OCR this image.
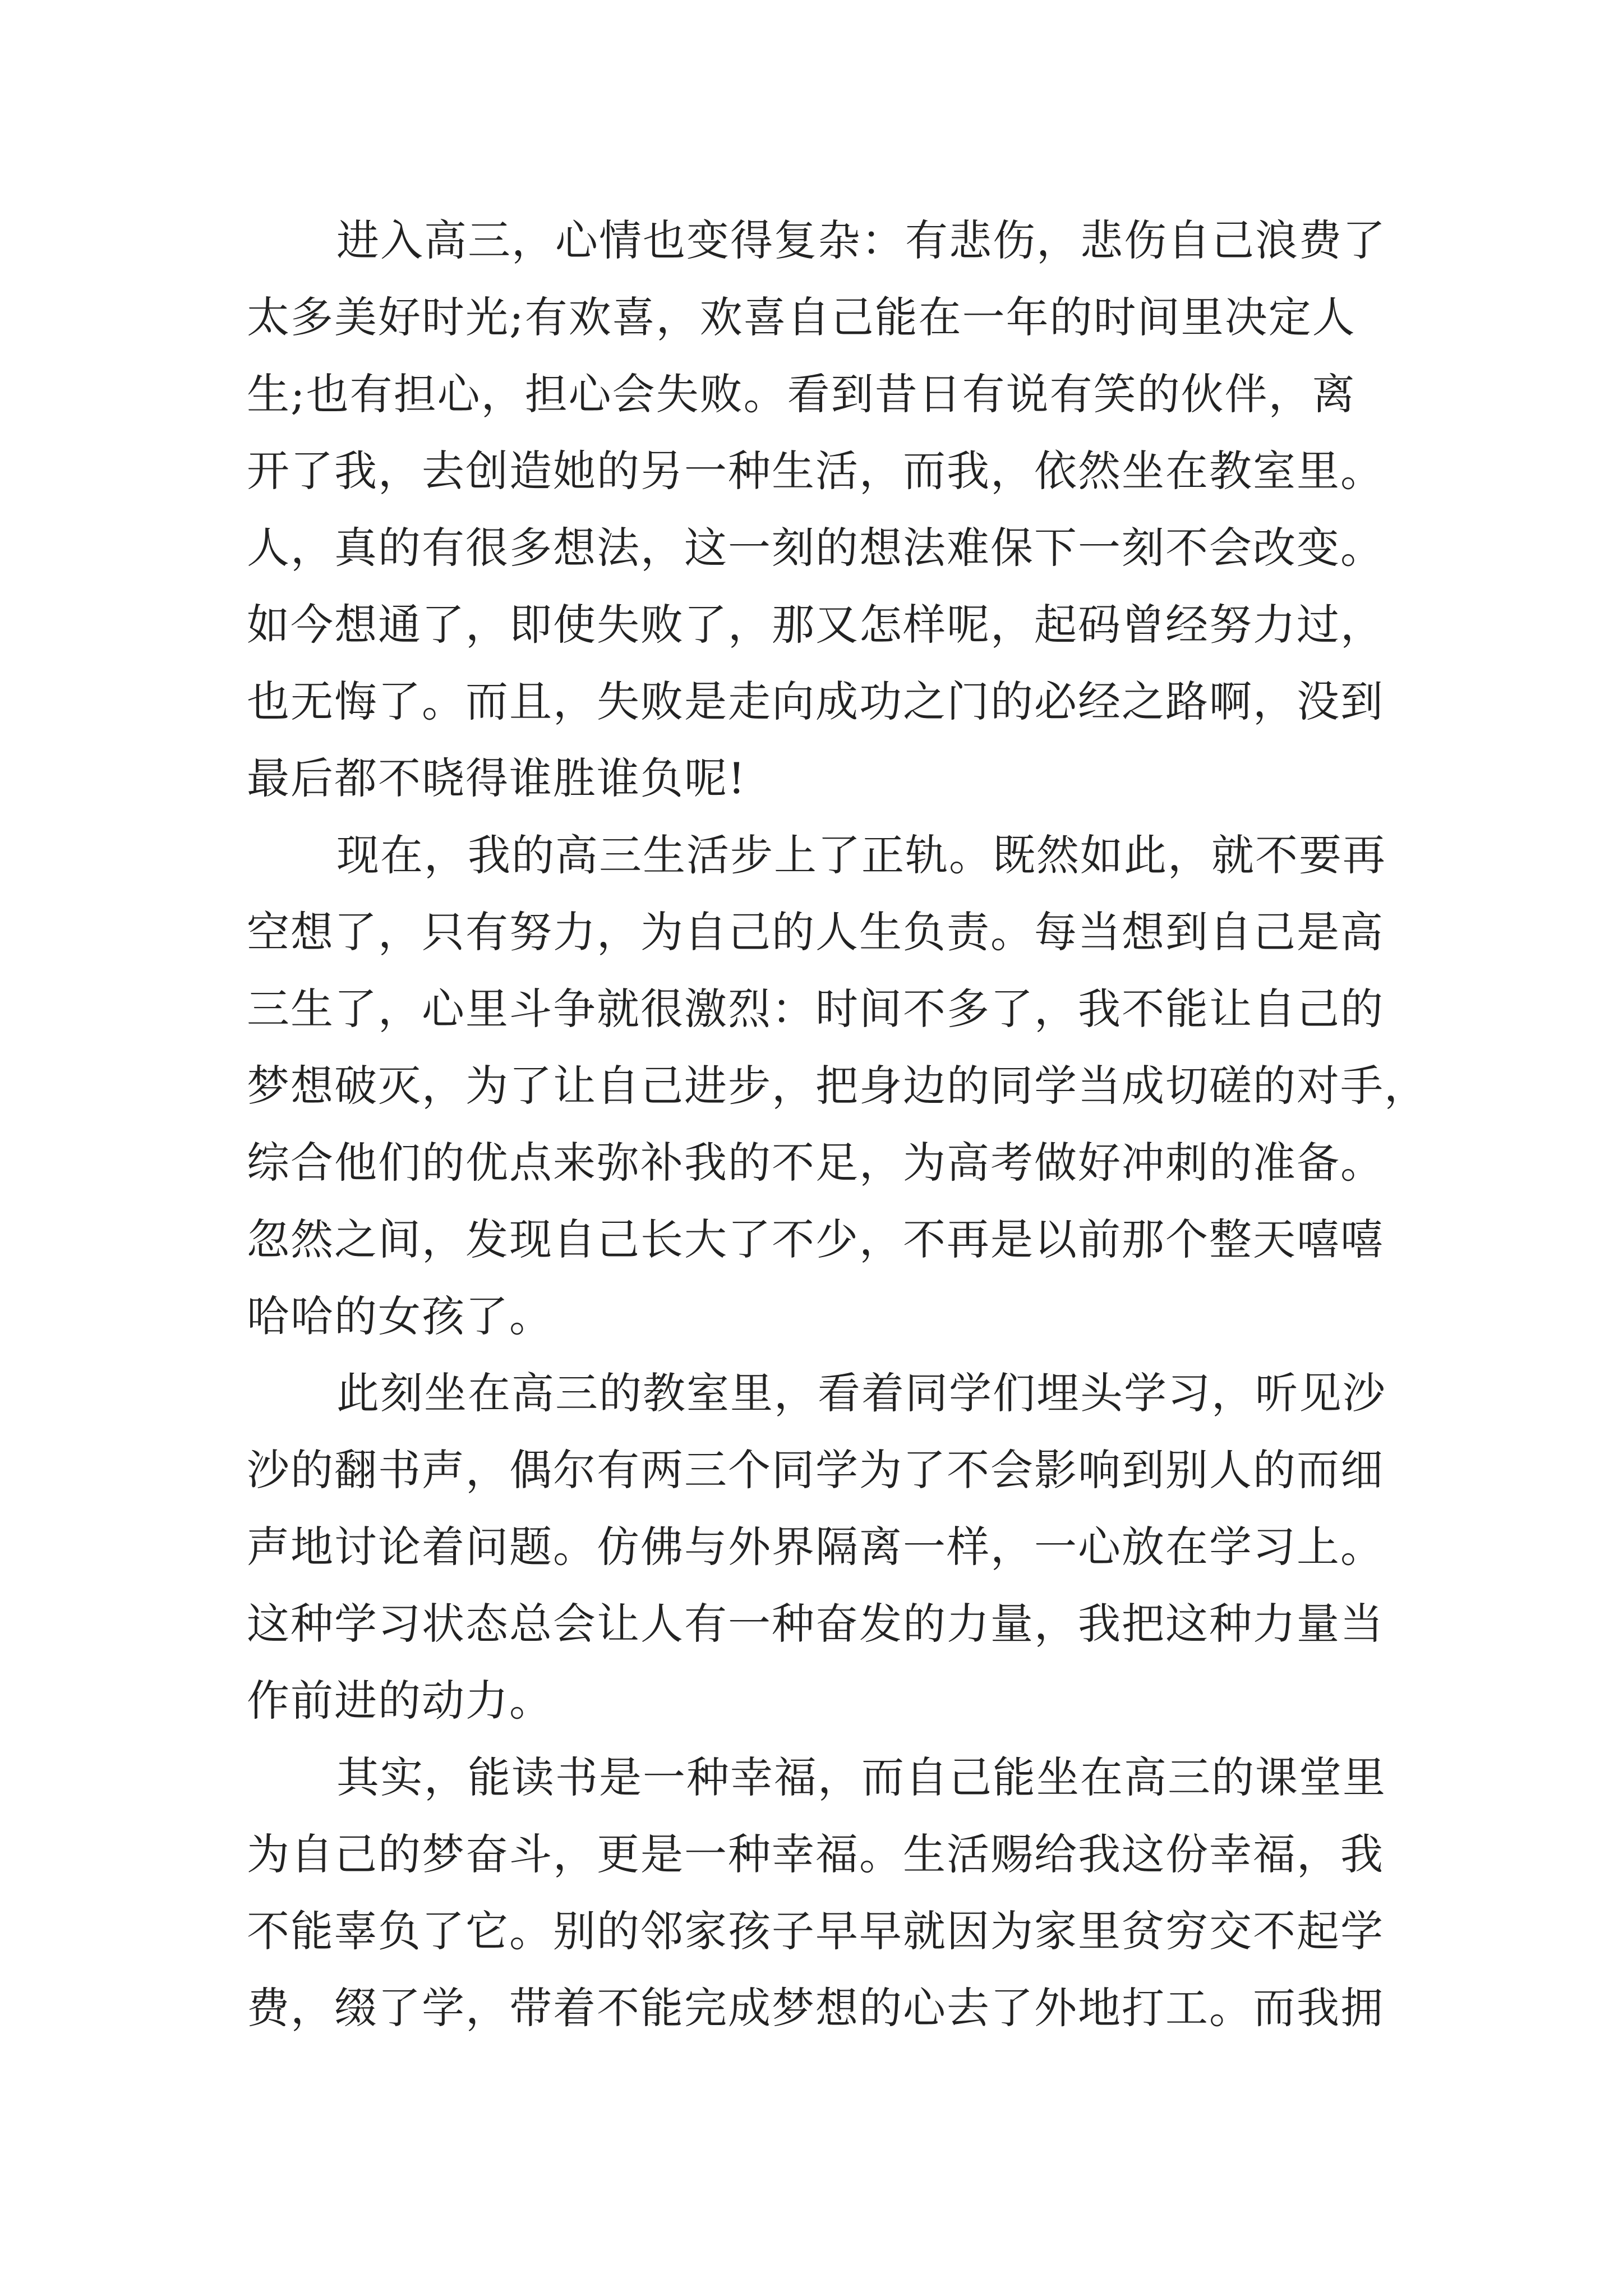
进入高三，心情也变得复杂：有悲伤，悲伤自己浪费了
太多美好时光;有欢喜，欢喜自己能在一年的时间里决定人
生;也有担心，担心会失败。看到昔日有说有笑的伙伴，离
开了我，去创造她的另一种生活，而我，依然坐在教室里。
人，真的有很多想法，这一刻的想法难保下一刻不会改变。
如今想通了，即使失败了，那又怎样呢，起码曾经努力过，
也无悔了。而且，失败是走向成功之门的必经之路啊，没到
最后都不晓得谁胜谁负呢!

现在，我的高三生活步上了正轨。既然如此，就不要再
空想了，只有努力，为自己的人生负责。每当想到自己是高
三生了，心里斗争就很激烈：时间不多了，我不能让自己的
梦想破灭，为了让自己进步，把身边的同学当成切磋的对手，
综合他们的优点来弥补我的不足，为高考做好冲刺的准备。
忽然之间，发现自己长大了不少，不再是以前那个整天嘻嘻
哈哈的女孩了。

此刻坐在高三的教室里，看着同学们埋头学习，听见沙
沙的翻书声，偶尔有两三个同学为了不会影响到别人的而细
声地讨论着问题。仿佛与外界隔离一样，一心放在学习上。
这种学习状态总会让人有一种奋发的力量，我把这种力量当
作前进的动力。

其实，能读书是一种幸福，而自己能坐在高三的课堂里
为自己的梦奋斗，更是一种幸福。生活赐给我这份幸福，我
不能辜负了它。别的邻家孩子早早就因为家里贫穷交不起学
费，缀了学，带着不能完成梦想的心去了外地打工。而我拥
